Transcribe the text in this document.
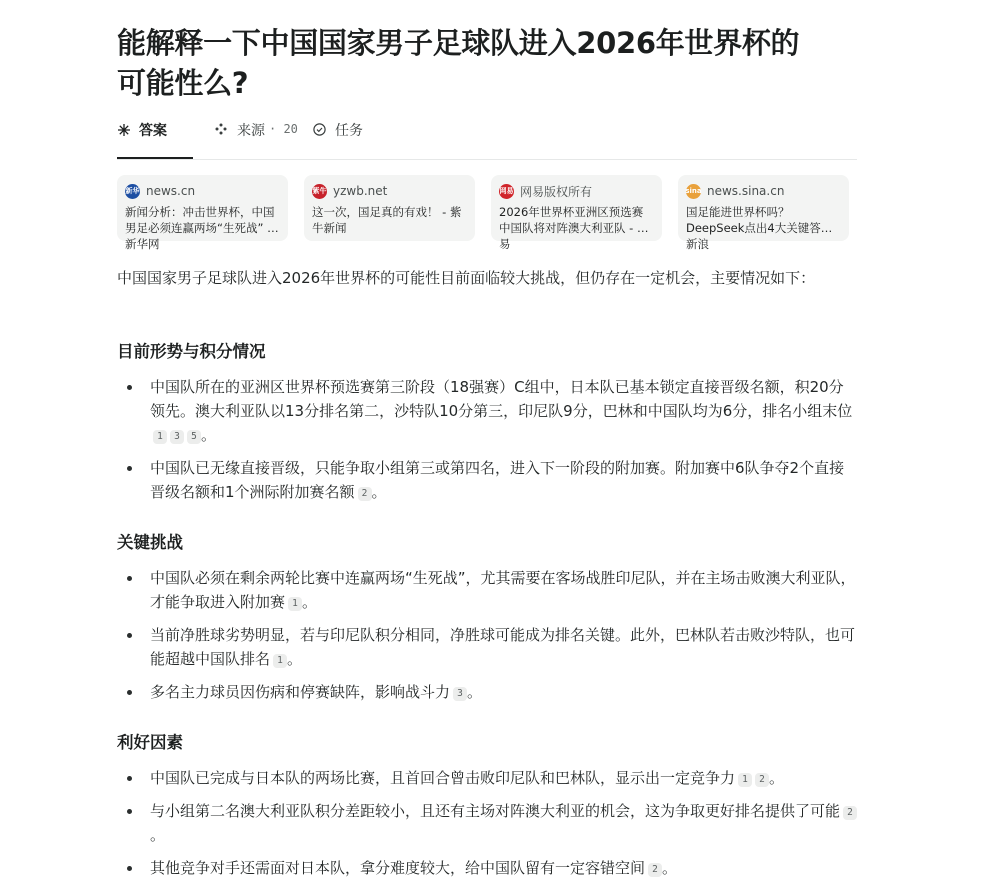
能解释一下中国国家男子足球队进入2026年世界杯的可能性么?
答案	来源 · 20	任务
新华 news.cn
新闻分析：冲击世界杯，中国男足必须连赢两场“生死战” - 新华网
紫牛 yzwb.net
这一次，国足真的有戏！ - 紫牛新闻
网易 网易版权所有
2026年世界杯亚洲区预选赛中国队将对阵澳大利亚队 - 网易
sina news.sina.cn
国足能进世界杯吗？DeepSeek点出4大关键答案 - 新浪

中国国家男子足球队进入2026年世界杯的可能性目前面临较大挑战，但仍存在一定机会，主要情况如下：

目前形势与积分情况
中国队所在的亚洲区世界杯预选赛第三阶段（18强赛）C组中，日本队已基本锁定直接晋级名额，积20分领先。澳大利亚队以13分排名第二，沙特队10分第三，印尼队9分，巴林和中国队均为6分，排名小组末位1 3 5 。
中国队已无缘直接晋级，只能争取小组第三或第四名，进入下一阶段的附加赛。附加赛中6队争夺2个直接晋级名额和1个洲际附加赛名额 2 。
关键挑战
中国队必须在剩余两轮比赛中连赢两场“生死战”，尤其需要在客场战胜印尼队，并在主场击败澳大利亚队，才能争取进入附加赛 1 。
当前净胜球劣势明显，若与印尼队积分相同，净胜球可能成为排名关键。此外，巴林队若击败沙特队，也可能超越中国队排名 1 。
多名主力球员因伤病和停赛缺阵，影响战斗力 3 。
利好因素
中国队已完成与日本队的两场比赛，且首回合曾击败印尼队和巴林队，显示出一定竞争力 1 2 。
与小组第二名澳大利亚队积分差距较小，且还有主场对阵澳大利亚的机会，这为争取更好排名提供了可能 2。
其他竞争对手还需面对日本队，拿分难度较大，给中国队留有一定容错空间 2 。
